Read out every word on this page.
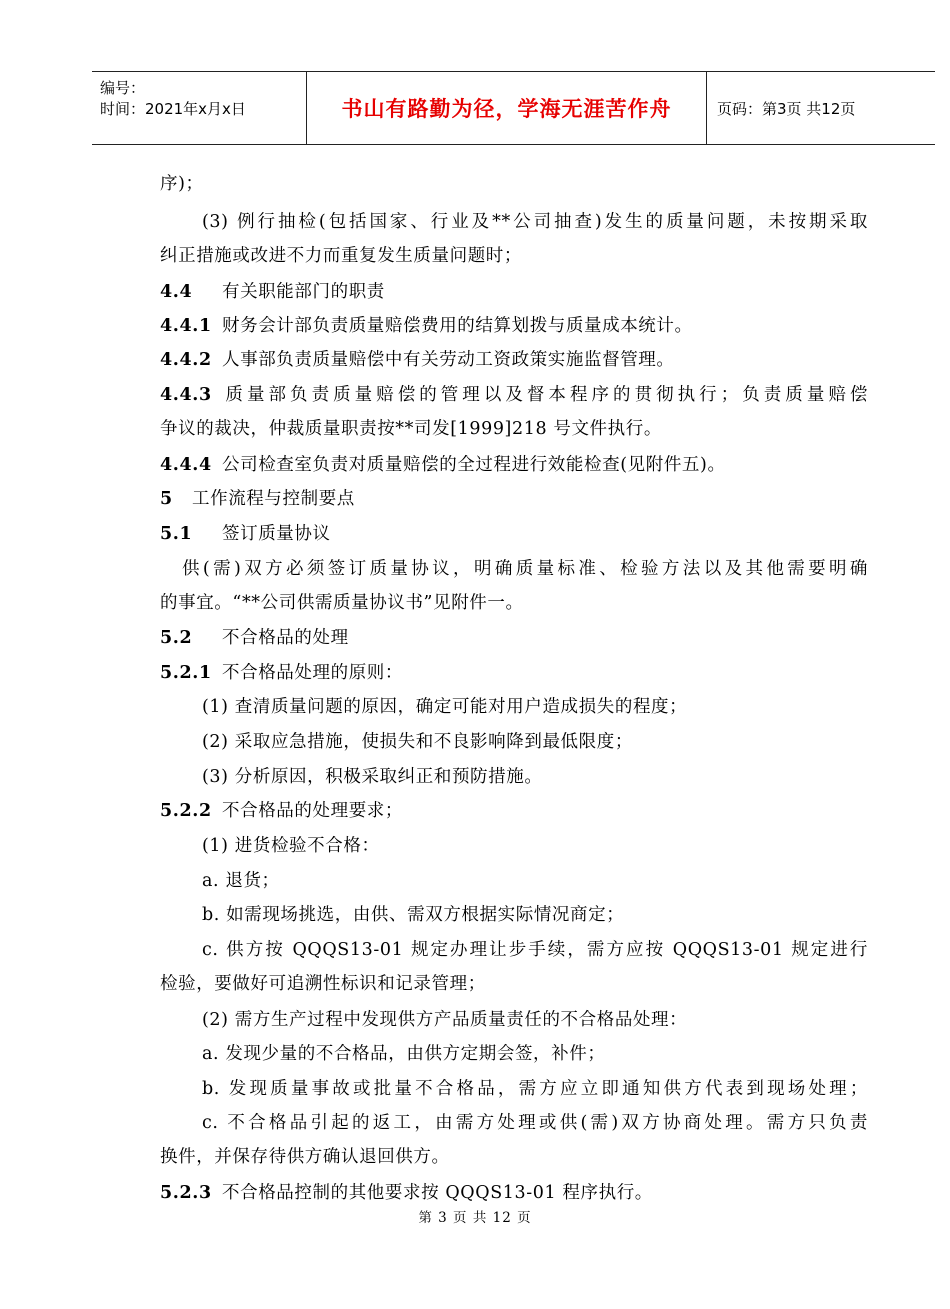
编号：
时间：2021年x月x日	书山有路勤为径，学海无涯苦作舟	页码：第3页 共12页
序)；
(3) 例行抽检(包括国家、行业及**公司抽查)发生的质量问题，未按期采取
纠正措施或改进不力而重复发生质量问题时；
4.4 有关职能部门的职责
4.4.1 财务会计部负责质量赔偿费用的结算划拨与质量成本统计。
4.4.2 人事部负责质量赔偿中有关劳动工资政策实施监督管理。
4.4.3 质量部负责质量赔偿的管理以及督本程序的贯彻执行；负责质量赔偿
争议的裁决，仲裁质量职责按**司发[1999]218 号文件执行。
4.4.4 公司检查室负责对质量赔偿的全过程进行效能检查(见附件五)。
5 工作流程与控制要点
5.1 签订质量协议
供(需)双方必须签订质量协议，明确质量标准、检验方法以及其他需要明确
的事宜。“**公司供需质量协议书”见附件一。
5.2 不合格品的处理
5.2.1 不合格品处理的原则：
(1) 查清质量问题的原因，确定可能对用户造成损失的程度；
(2) 采取应急措施，使损失和不良影响降到最低限度；
(3) 分析原因，积极采取纠正和预防措施。
5.2.2 不合格品的处理要求；
(1) 进货检验不合格：
a. 退货；
b. 如需现场挑选，由供、需双方根据实际情况商定；
c. 供方按 QQQS13-01 规定办理让步手续，需方应按 QQQS13-01 规定进行
检验，要做好可追溯性标识和记录管理；
(2) 需方生产过程中发现供方产品质量责任的不合格品处理：
a. 发现少量的不合格品，由供方定期会签，补件；
b. 发现质量事故或批量不合格品，需方应立即通知供方代表到现场处理；
c. 不合格品引起的返工，由需方处理或供(需)双方协商处理。需方只负责
换件，并保存待供方确认退回供方。
5.2.3 不合格品控制的其他要求按 QQQS13-01 程序执行。
第 3 页 共 12 页
